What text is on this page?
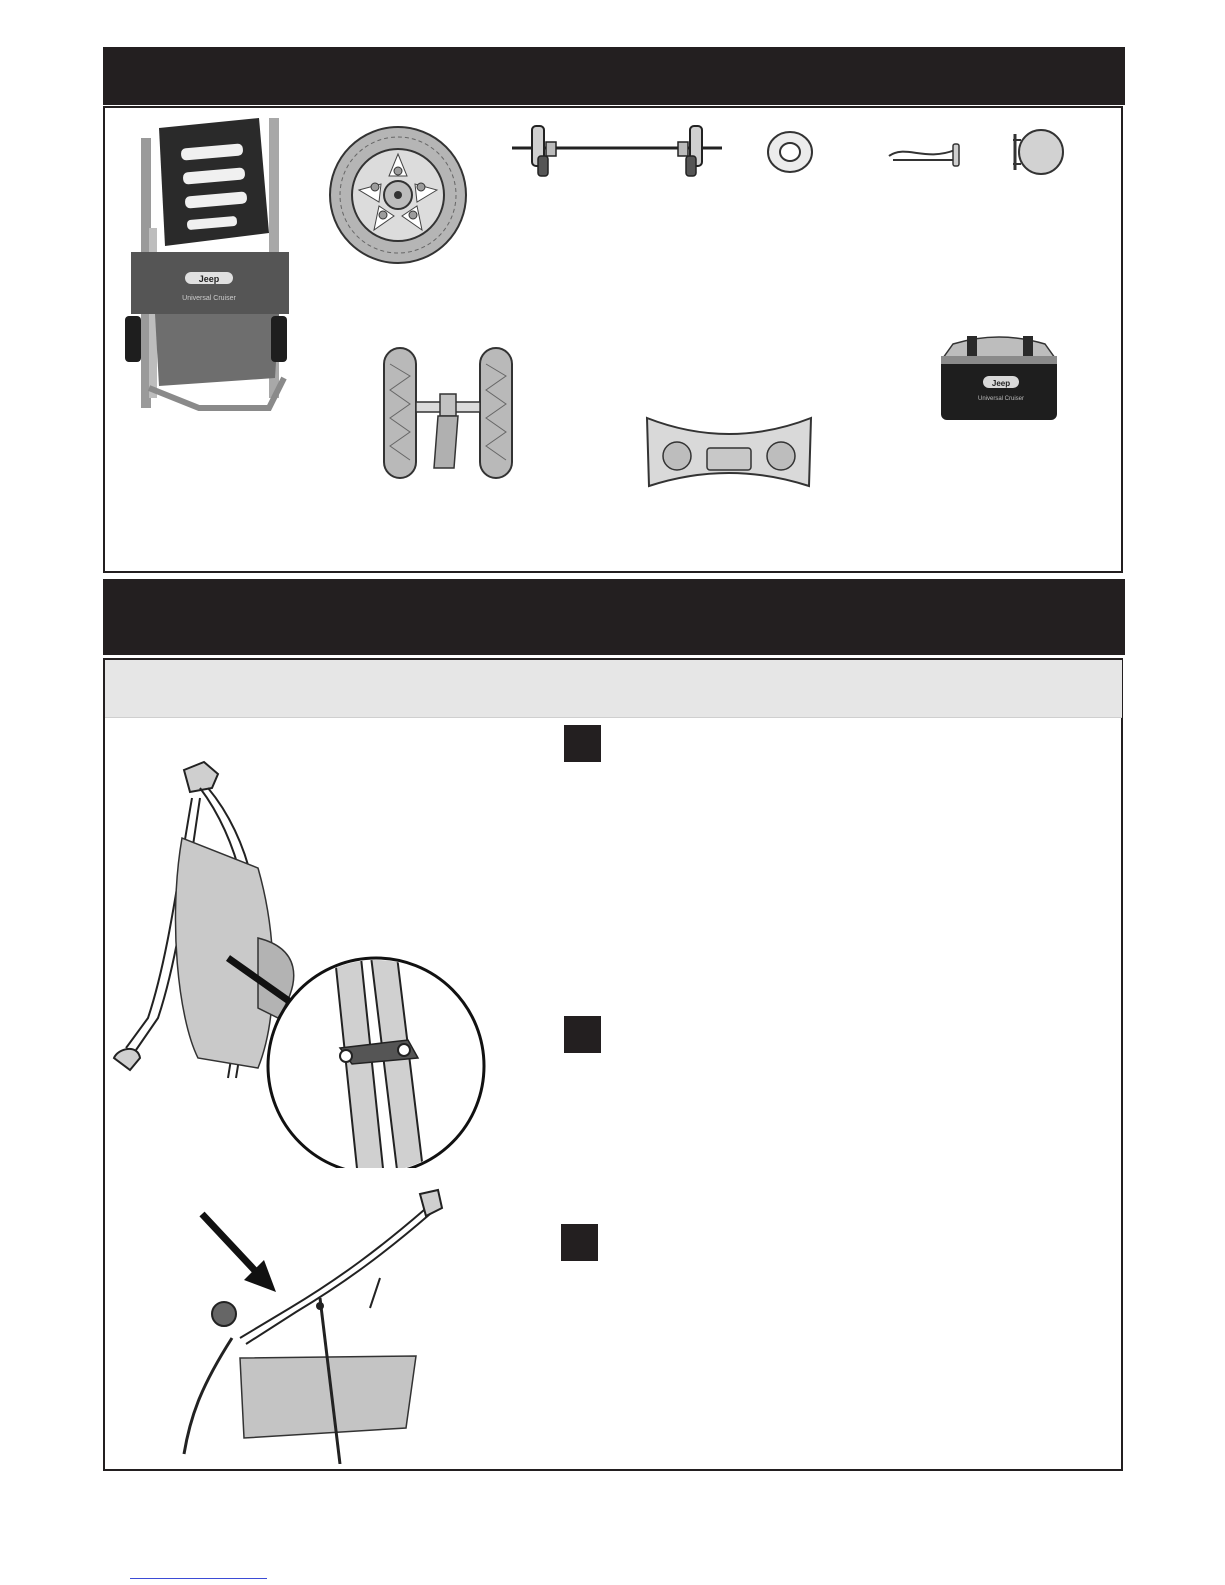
Jeep
Universal Cruiser
Jeep
Universal Cruiser
